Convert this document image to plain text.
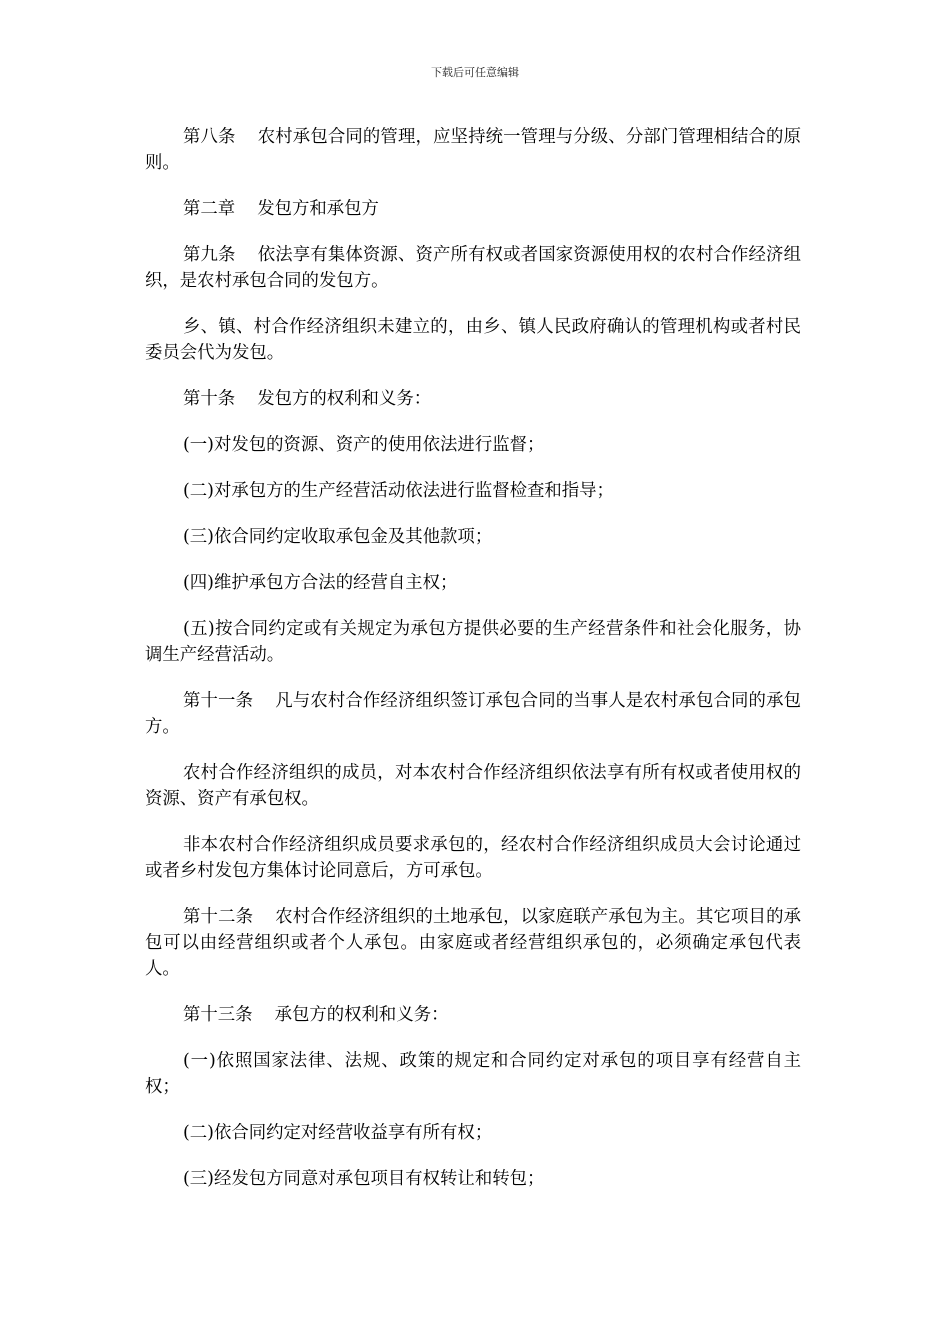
下载后可任意编辑

第八条 农村承包合同的管理，应坚持统一管理与分级、分部门管理相结合的原则。

第二章 发包方和承包方

第九条 依法享有集体资源、资产所有权或者国家资源使用权的农村合作经济组织，是农村承包合同的发包方。

乡、镇、村合作经济组织未建立的，由乡、镇人民政府确认的管理机构或者村民委员会代为发包。

第十条 发包方的权利和义务：

(一)对发包的资源、资产的使用依法进行监督；

(二)对承包方的生产经营活动依法进行监督检查和指导；

(三)依合同约定收取承包金及其他款项；

(四)维护承包方合法的经营自主权；

(五)按合同约定或有关规定为承包方提供必要的生产经营条件和社会化服务，协调生产经营活动。

第十一条 凡与农村合作经济组织签订承包合同的当事人是农村承包合同的承包方。

农村合作经济组织的成员，对本农村合作经济组织依法享有所有权或者使用权的资源、资产有承包权。

非本农村合作经济组织成员要求承包的，经农村合作经济组织成员大会讨论通过或者乡村发包方集体讨论同意后，方可承包。

第十二条 农村合作经济组织的土地承包，以家庭联产承包为主。其它项目的承包可以由经营组织或者个人承包。由家庭或者经营组织承包的，必须确定承包代表人。

第十三条 承包方的权利和义务：

(一)依照国家法律、法规、政策的规定和合同约定对承包的项目享有经营自主权；

(二)依合同约定对经营收益享有所有权；

(三)经发包方同意对承包项目有权转让和转包；
